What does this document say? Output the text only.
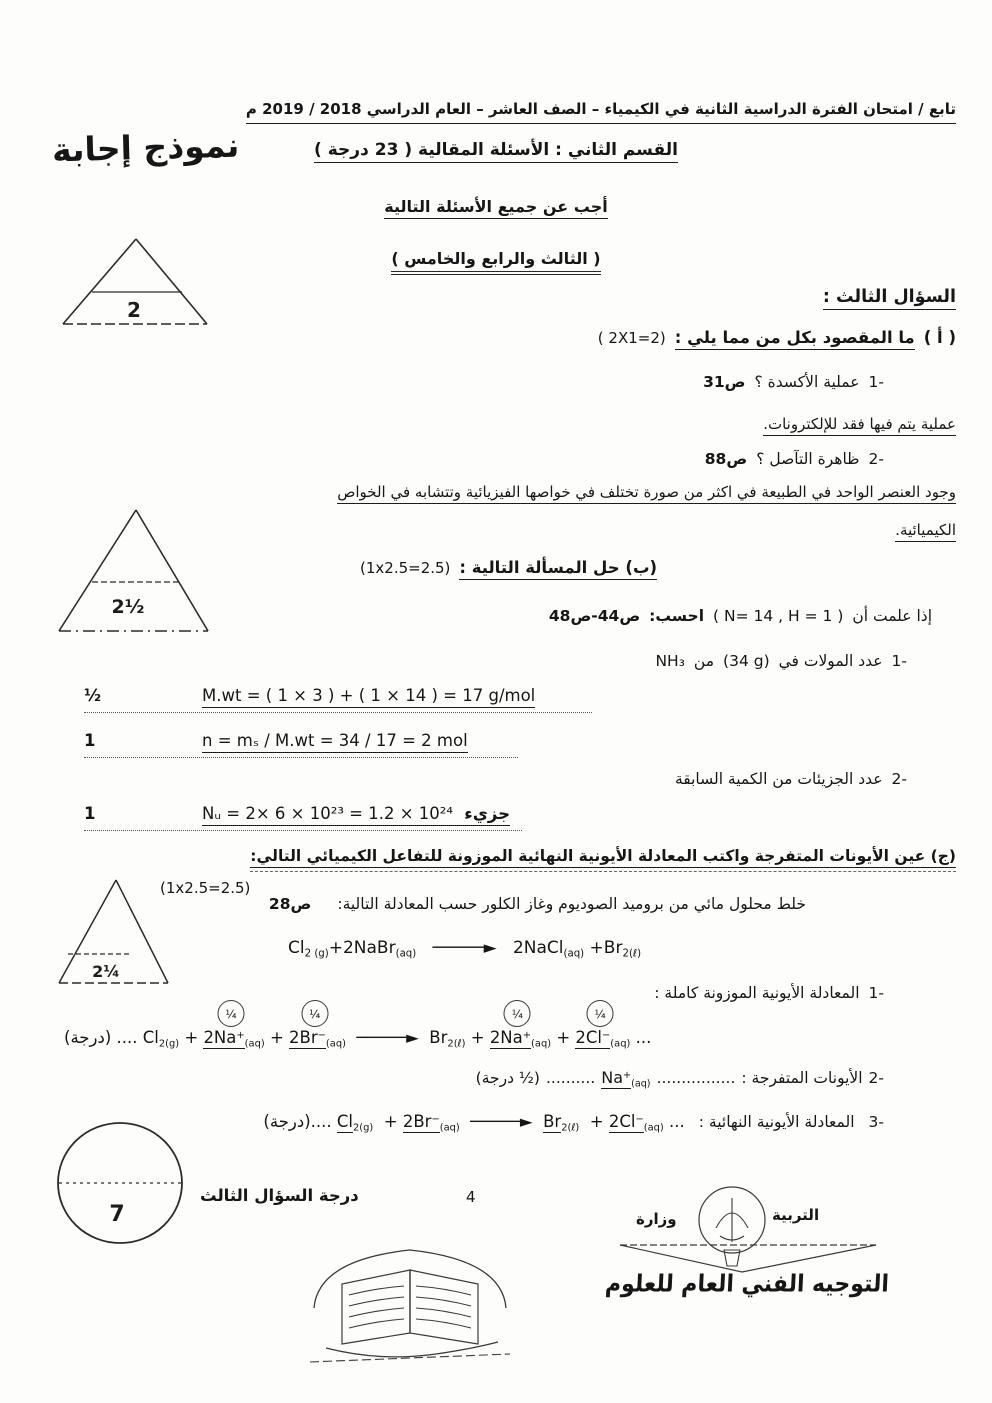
تابع / امتحان الفترة الدراسية الثانية في الكيمياء – الصف العاشر – العام الدراسي 2018 / 2019 م
نموذج إجابة	القسم الثاني : الأسئلة المقالية ( 23 درجة )
أجب عن جميع الأسئلة التالية
( الثالث والرابع والخامس )
2
السؤال الثالث :
( أ )
ما المقصود بكل من مما يلي :
( 2X1=2)
1-
عملية الأكسدة ؟
ص31
عملية يتم فيها فقد للإلكترونات.
2-
ظاهرة التآصل ؟
ص88
وجود العنصر الواحد في الطبيعة في اكثر من صورة تختلف في خواصها الفيزيائية وتتشابه في الخواص
الكيميائية.
2½
(ب) حل المسألة التالية :
(1x2.5=2.5)
إذا علمت أن
( N= 14 , H = 1 )
احسب:
ص44-ص48
1-
عدد المولات في
(34 g)
من
NH₃
½	M.wt = ( 1 × 3 ) + ( 1 × 14 ) = 17 g/mol
1	n = mₛ / M.wt = 34 / 17 = 2 mol
2-
عدد الجزيئات من الكمية السابقة
1	Nᵤ = 2× 6 × 10²³ = 1.2 × 10²⁴ جزيء
(ج) عين الأيونات المتفرجة واكتب المعادلة الأيونية النهائية الموزونة للتفاعل الكيميائي التالي:
(1x2.5=2.5)
خلط محلول مائي من بروميد الصوديوم وغاز الكلور حسب المعادلة التالية:
ص28
2¼
$Cl_{2 (g)}+2NaBr_{(aq)}$   ─────►   2NaCl$_{(aq)}$ $+Br_{2(\ell)}$
1-
المعادلة الأيونية الموزونة كاملة :
(درجة) .... $Cl_{2(g)} + 2Na^+_{(aq)}$
¼
+ $2Br^-_{(aq)}$
¼
─────►  $Br_{2(\ell)} + 2Na^+_{(aq)}$
¼
+ $2Cl^-_{(aq)}$
¼
...
2-
الأيونات المتفرجة :
................
$Na^+_{(aq)}$
..........
(½ درجة)
3-
المعادلة الأيونية النهائية :
(درجة).... $Cl_{2(g)} + 2Br^-_{(aq)}$  ─────►  $Br_{2(\ell)} + 2Cl^-_{(aq)}$ ...
7
درجة السؤال الثالث	4
وزارة	التربية
التوجيه الفني العام للعلوم
